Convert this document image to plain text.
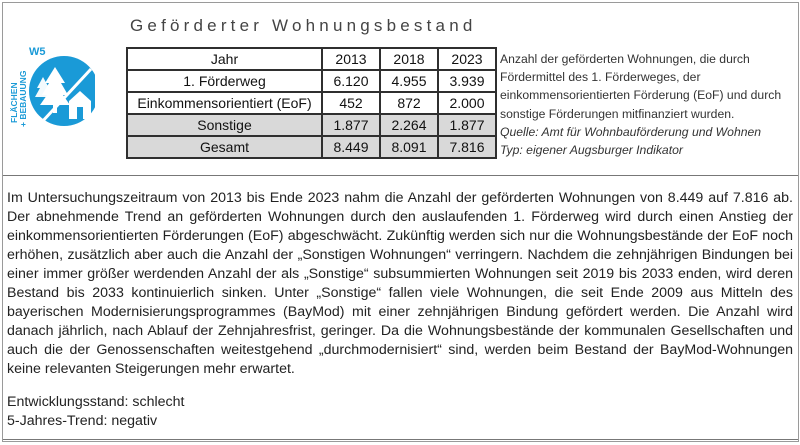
Geförderter Wohnungsbestand
FLÄCHEN + BEBAUUNG
W5	Jahr	2013	2018	2023
1. Förderweg	6.120	4.955	3.939
Einkommensorientiert (EoF)	452	872	2.000
Sonstige	1.877	2.264	1.877
Gesamt	8.449	8.091	7.816
Anzahl der geförderten Wohnungen, die durch Fördermittel des 1. Förderweges, der einkommensorientierten Förderung (EoF) und durch sonstige Förderungen mitfinanziert wurden.
Quelle: Amt für Wohnbauförderung und Wohnen
Typ: eigener Augsburger Indikator
Im Untersuchungszeitraum von 2013 bis Ende 2023 nahm die Anzahl der geförderten Wohnungen von 8.449 auf 7.816 ab. Der abnehmende Trend an geförderten Wohnungen durch den auslaufenden 1. Förderweg wird durch einen Anstieg der einkommensorientierten Förderungen (EoF) abgeschwächt. Zukünftig werden sich nur die Wohnungsbestände der EoF noch erhöhen, zusätzlich aber auch die Anzahl der „Sonstigen Wohnungen“ verringern. Nachdem die zehnjährigen Bindungen bei einer immer größer werdenden Anzahl der als „Sonstige“ subsummierten Wohnungen seit 2019 bis 2033 enden, wird deren Bestand bis 2033 kontinuierlich sinken. Unter „Sonstige“ fallen viele Wohnungen, die seit Ende 2009 aus Mitteln des bayerischen Modernisierungsprogrammes (BayMod) mit einer zehnjährigen Bindung gefördert werden. Die Anzahl wird danach jährlich, nach Ablauf der Zehnjahresfrist, geringer. Da die Wohnungsbestände der kommunalen Gesellschaften und auch die der Genossenschaften weitestgehend „durchmodernisiert“ sind, werden beim Bestand der BayMod-Wohnungen keine relevanten Steigerungen mehr erwartet.
Entwicklungsstand: schlecht
5-Jahres-Trend: negativ
